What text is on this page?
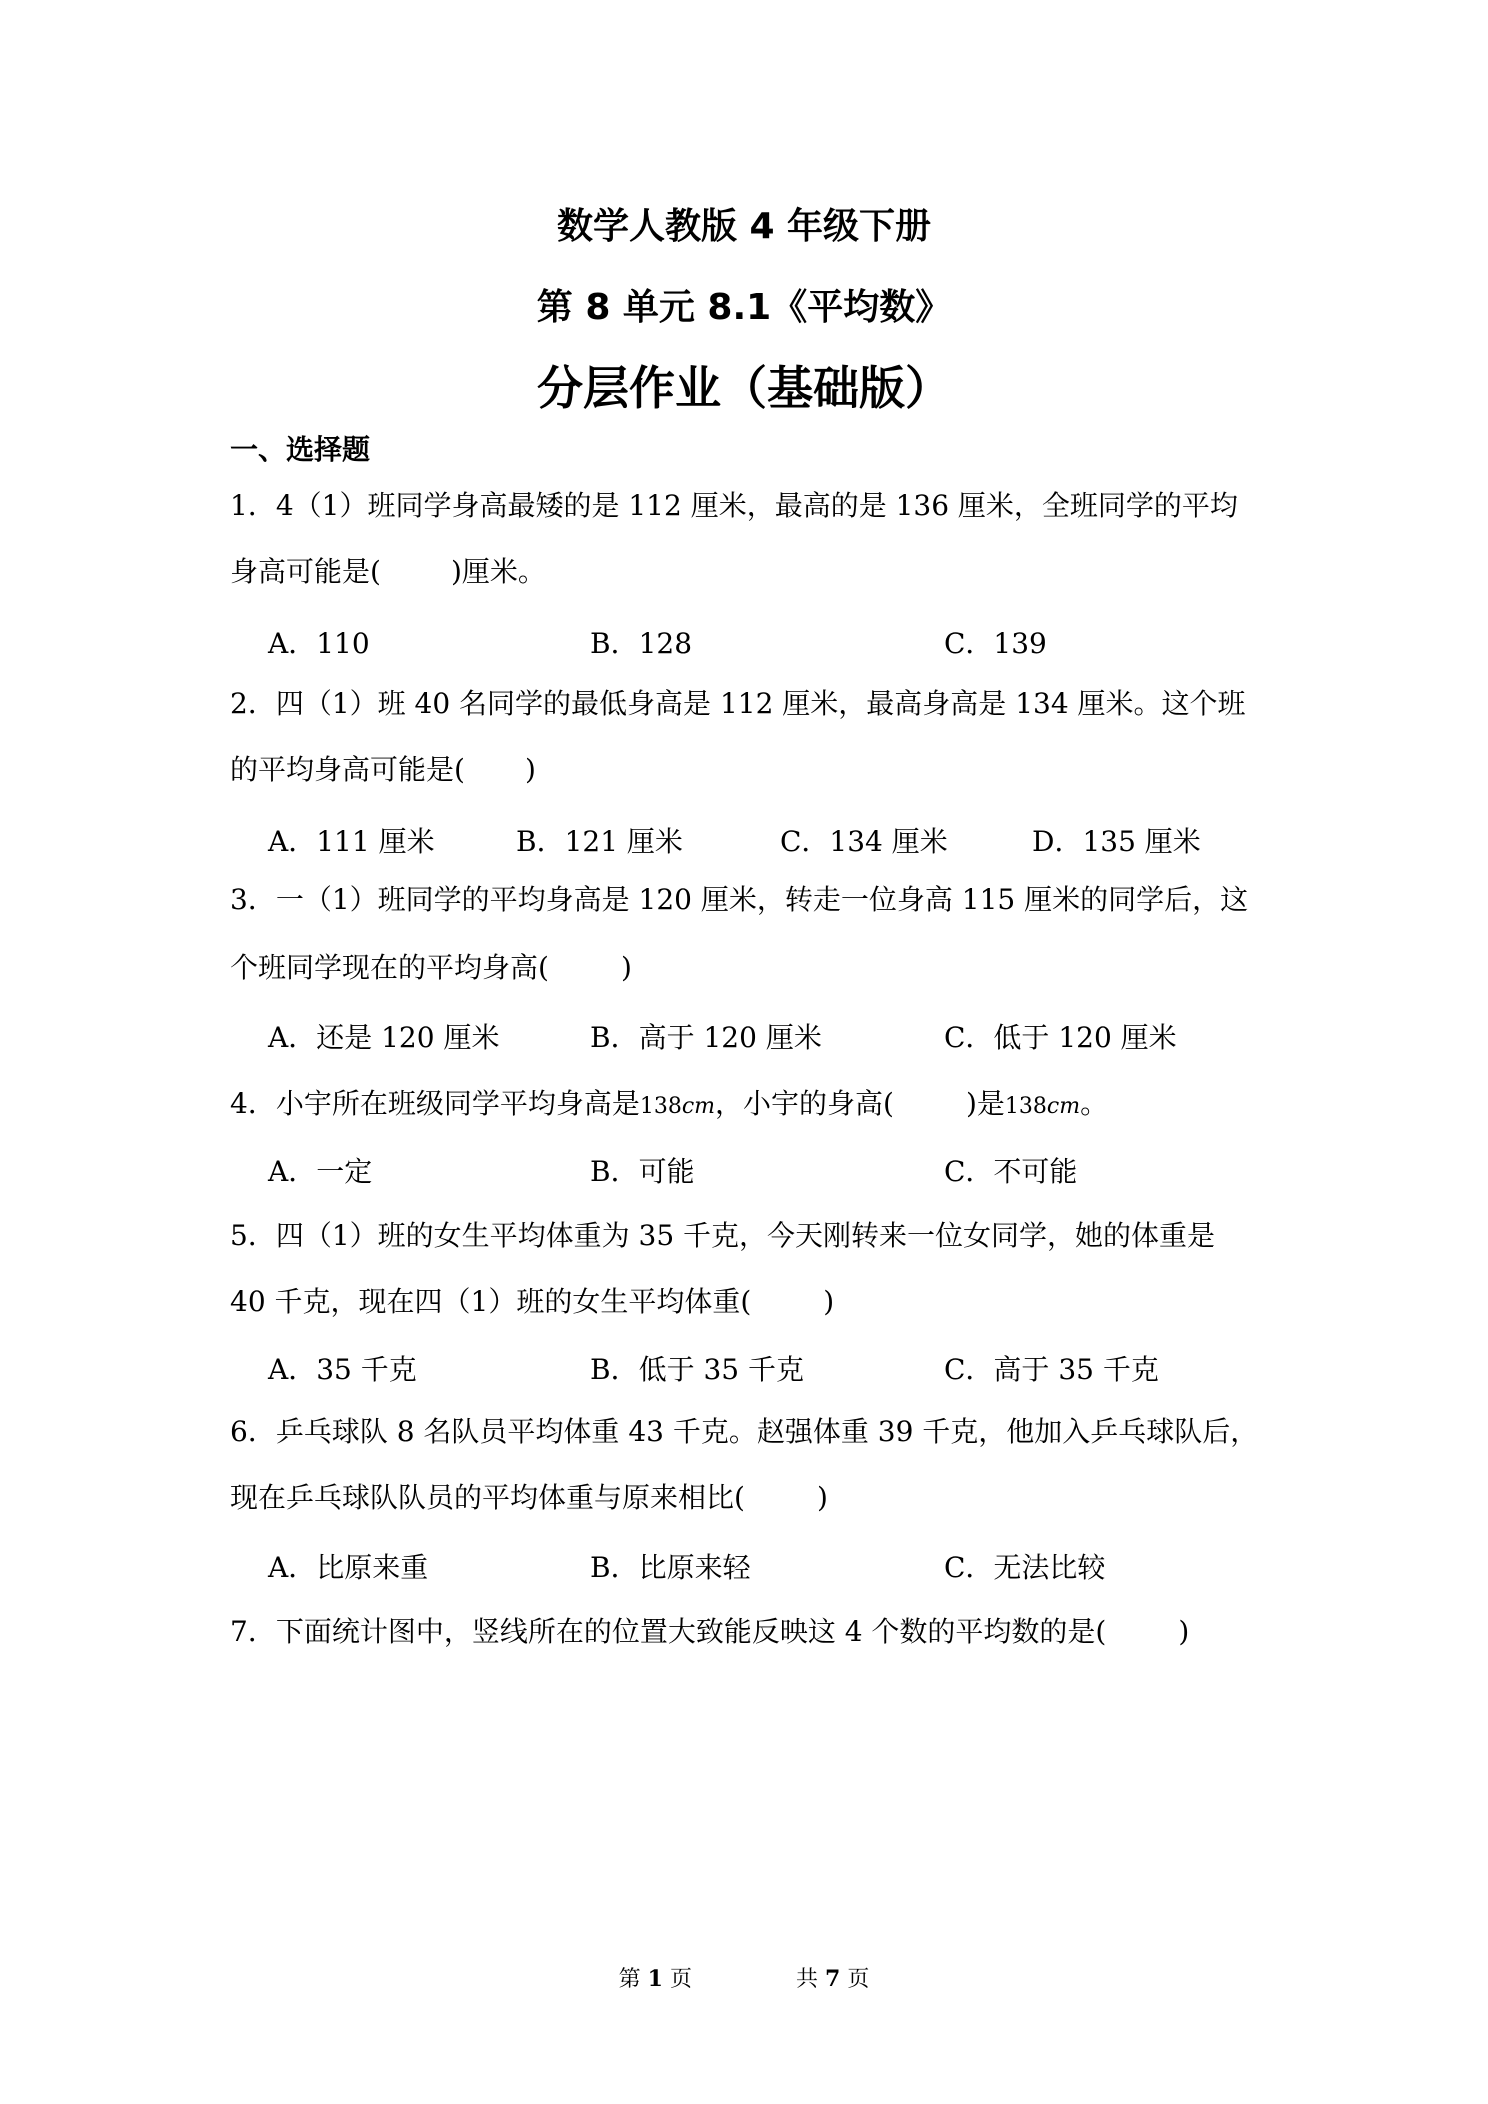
数学人教版 4 年级下册
第 8 单元 8.1《平均数》
分层作业（基础版）
一、选择题
1．4（1）班同学身高最矮的是 112 厘米，最高的是 136 厘米，全班同学的平均
身高可能是(	)厘米。
A．110	B．128	C．139
2．四（1）班 40 名同学的最低身高是 112 厘米，最高身高是 134 厘米。这个班
的平均身高可能是( )
A．111 厘米	B．121 厘米	C．134 厘米	D．135 厘米
3．一（1）班同学的平均身高是 120 厘米，转走一位身高 115 厘米的同学后，这
个班同学现在的平均身高(	)
A．还是 120 厘米	B．高于 120 厘米	C．低于 120 厘米
4．小宇所在班级同学平均身高是138cm，小宇的身高(	)是138cm。
A．一定	B．可能	C．不可能
5．四（1）班的女生平均体重为 35 千克，今天刚转来一位女同学，她的体重是
40 千克，现在四（1）班的女生平均体重(	)
A．35 千克	B．低于 35 千克	C．高于 35 千克
6．乒乓球队 8 名队员平均体重 43 千克。赵强体重 39 千克，他加入乒乓球队后，
现在乒乓球队队员的平均体重与原来相比(	)
A．比原来重	B．比原来轻	C．无法比较
7．下面统计图中，竖线所在的位置大致能反映这 4 个数的平均数的是(	)
第 1 页	共 7 页
